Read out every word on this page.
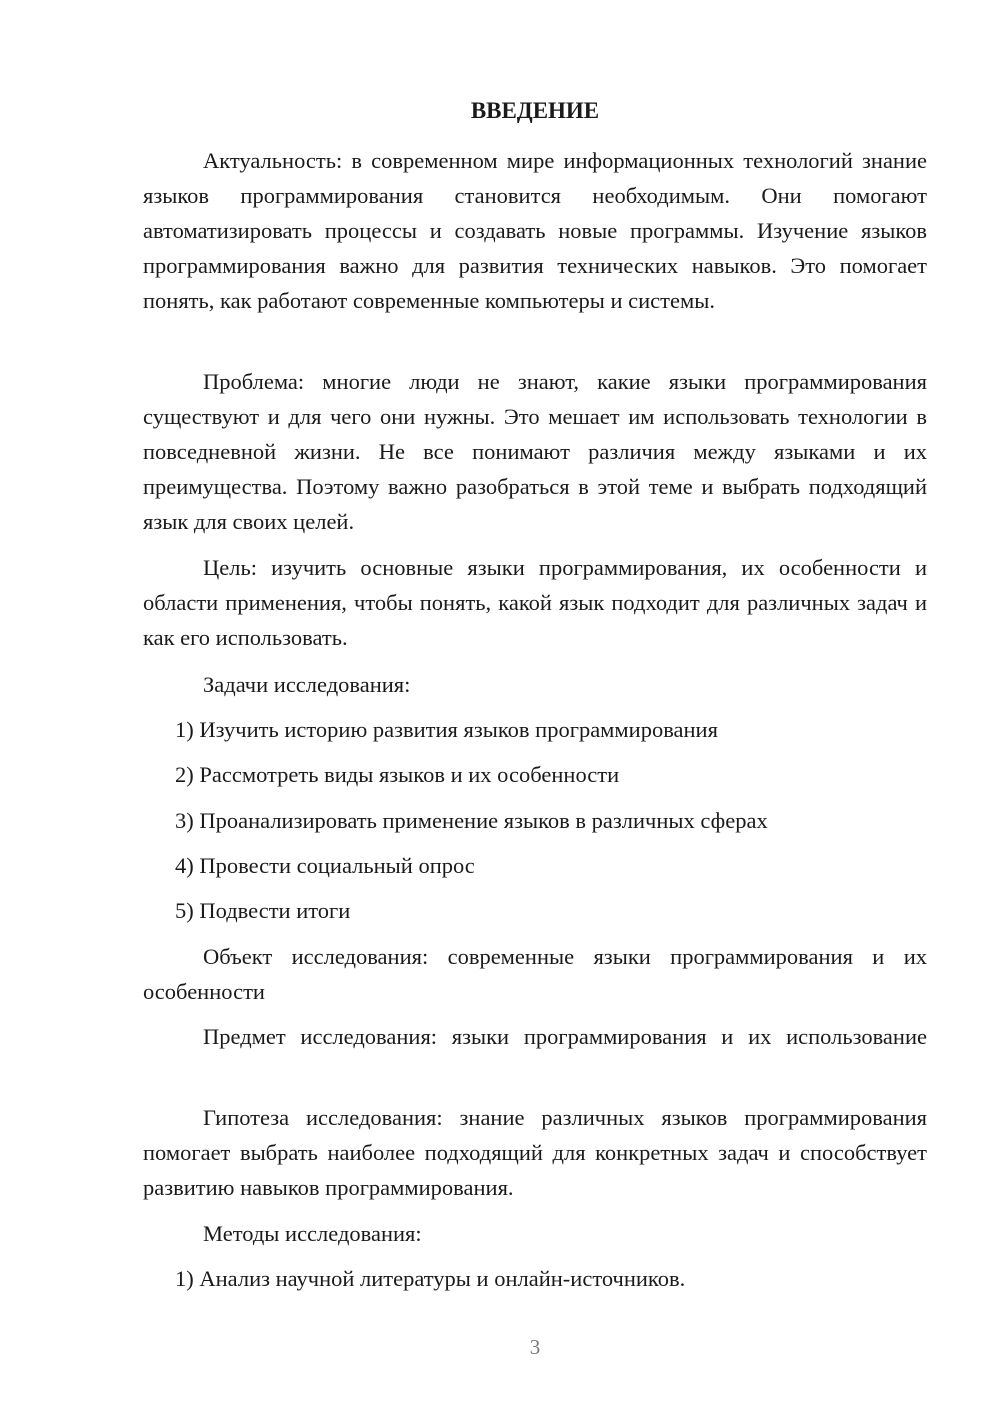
ВВЕДЕНИЕ

Актуальность: в современном мире информационных технологий знание языков программирования становится необходимым. Они помогают автоматизировать процессы и создавать новые программы. Изучение языков программирования важно для развития технических навыков. Это помогает понять, как работают современные компьютеры и системы.

Проблема: многие люди не знают, какие языки программирования существуют и для чего они нужны. Это мешает им использовать технологии в повседневной жизни. Не все понимают различия между языками и их преимущества. Поэтому важно разобраться в этой теме и выбрать подходящий язык для своих целей.

Цель: изучить основные языки программирования, их особенности и области применения, чтобы понять, какой язык подходит для различных задач и как его использовать.

Задачи исследования:

1) Изучить историю развития языков программирования

2) Рассмотреть виды языков и их особенности

3) Проанализировать применение языков в различных сферах

4) Провести социальный опрос

5) Подвести итоги

Объект исследования: современные языки программирования и их особенности

Предмет исследования: языки программирования и их использование

Гипотеза исследования: знание различных языков программирования помогает выбрать наиболее подходящий для конкретных задач и способствует развитию навыков программирования.

Методы исследования:

1) Анализ научной литературы и онлайн-источников.

3
